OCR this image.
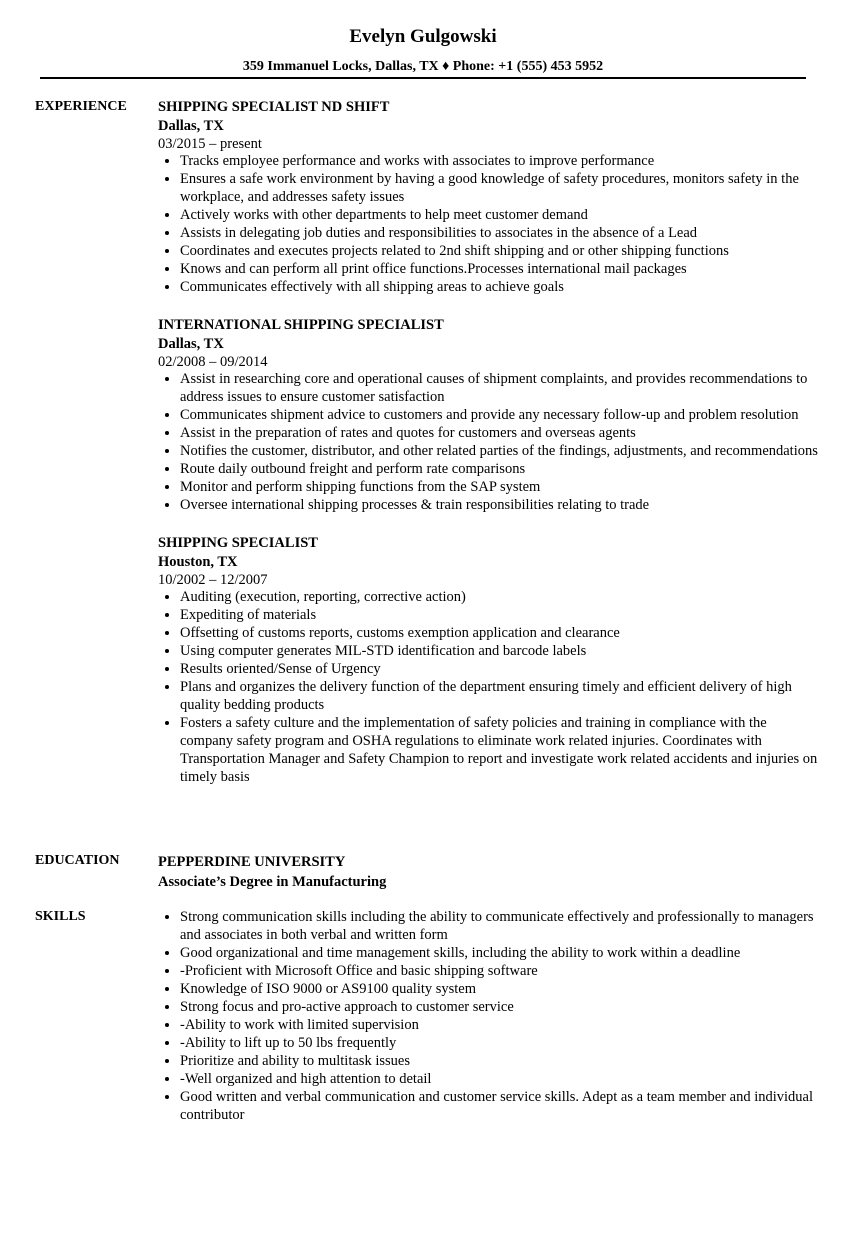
Evelyn Gulgowski
359 Immanuel Locks, Dallas, TX ♦ Phone: +1 (555) 453 5952
EXPERIENCE SHIPPING SPECIALIST ND SHIFT
Dallas, TX
03/2015 – present
• Tracks employee performance and works with associates to improve performance
• Ensures a safe work environment by having a good knowledge of safety procedures, monitors safety in the workplace, and addresses safety issues
• Actively works with other departments to help meet customer demand
• Assists in delegating job duties and responsibilities to associates in the absence of a Lead
• Coordinates and executes projects related to 2nd shift shipping and or other shipping functions
• Knows and can perform all print office functions.Processes international mail packages
• Communicates effectively with all shipping areas to achieve goals
INTERNATIONAL SHIPPING SPECIALIST
Dallas, TX
02/2008 – 09/2014
• Assist in researching core and operational causes of shipment complaints, and provides recommendations to address issues to ensure customer satisfaction
• Communicates shipment advice to customers and provide any necessary follow-up and problem resolution
• Assist in the preparation of rates and quotes for customers and overseas agents
• Notifies the customer, distributor, and other related parties of the findings, adjustments, and recommendations
• Route daily outbound freight and perform rate comparisons
• Monitor and perform shipping functions from the SAP system
• Oversee international shipping processes & train responsibilities relating to trade
SHIPPING SPECIALIST
Houston, TX
10/2002 – 12/2007
• Auditing (execution, reporting, corrective action)
• Expediting of materials
• Offsetting of customs reports, customs exemption application and clearance
• Using computer generates MIL-STD identification and barcode labels
• Results oriented/Sense of Urgency
• Plans and organizes the delivery function of the department ensuring timely and efficient delivery of high quality bedding products
• Fosters a safety culture and the implementation of safety policies and training in compliance with the company safety program and OSHA regulations to eliminate work related injuries. Coordinates with Transportation Manager and Safety Champion to report and investigate work related accidents and injuries on timely basis
EDUCATION	PEPPERDINE UNIVERSITY
Associate’s Degree in Manufacturing
SKILLS
•	Strong communication skills including the ability to communicate effectively and professionally to managers and associates in both verbal and written form
• Good organizational and time management skills, including the ability to work within a deadline
• -Proficient with Microsoft Office and basic shipping software
• Knowledge of ISO 9000 or AS9100 quality system
• Strong focus and pro-active approach to customer service
• -Ability to work with limited supervision
• -Ability to lift up to 50 lbs frequently
• Prioritize and ability to multitask issues
• -Well organized and high attention to detail
• Good written and verbal communication and customer service skills. Adept as a team member and individual contributor
